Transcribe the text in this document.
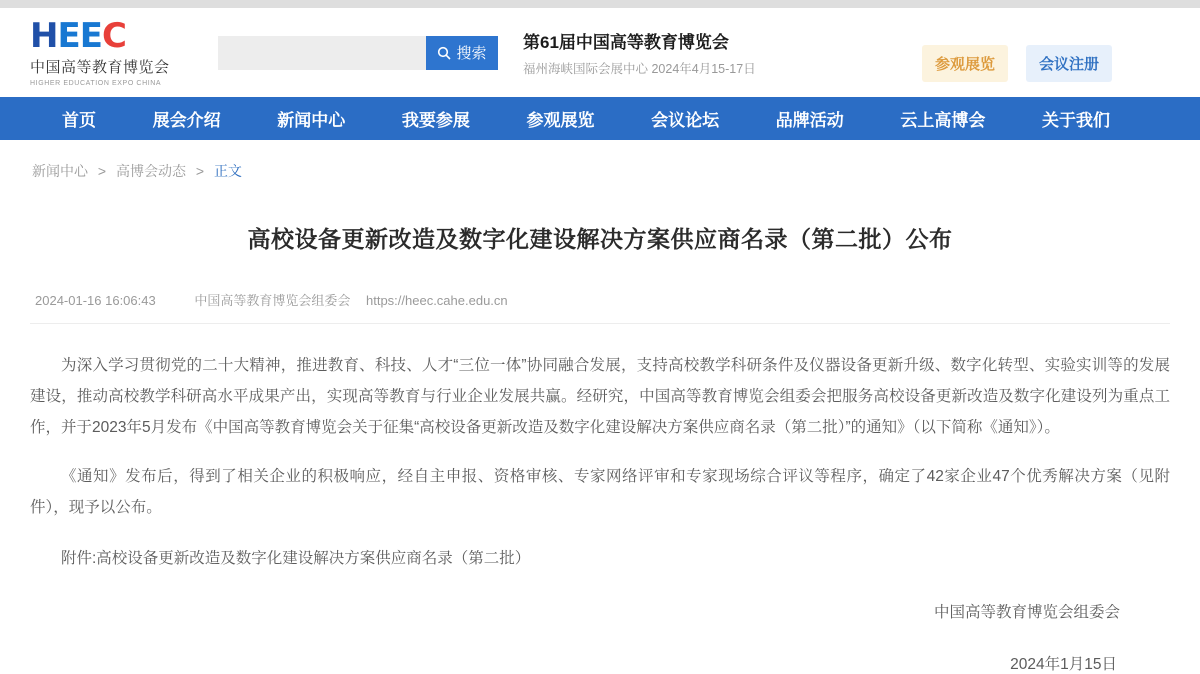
HEEC
中国高等教育博览会
HIGHER EDUCATION EXPO CHINA
搜索
第61届中国高等教育博览会
福州海峡国际会展中心 2024年4月15-17日	参观展览	会议注册
首页	展会介绍	新闻中心	我要参展	参观展览	会议论坛	品牌活动	云上高博会	关于我们
新闻中心 > 高博会动态 > 正文
高校设备更新改造及数字化建设解决方案供应商名录（第二批）公布
2024-01-16 16:06:43	中国高等教育博览会组委会 https://heec.cahe.edu.cn

为深入学习贯彻党的二十大精神，推进教育、科技、人才“三位一体”协同融合发展，支持高校教学科研条件及仪器设备更新升级、数字化转型、实验实训等的发展建设，推动高校教学科研高水平成果产出，实现高等教育与行业企业发展共赢。经研究，中国高等教育博览会组委会把服务高校设备更新改造及数字化建设列为重点工作，并于2023年5月发布《中国高等教育博览会关于征集“高校设备更新改造及数字化建设解决方案供应商名录（第二批）”的通知》（以下简称《通知》）。

《通知》发布后，得到了相关企业的积极响应，经自主申报、资格审核、专家网络评审和专家现场综合评议等程序，确定了42家企业47个优秀解决方案（见附件），现予以公布。

附件:高校设备更新改造及数字化建设解决方案供应商名录（第二批）

中国高等教育博览会组委会
2024年1月15日
